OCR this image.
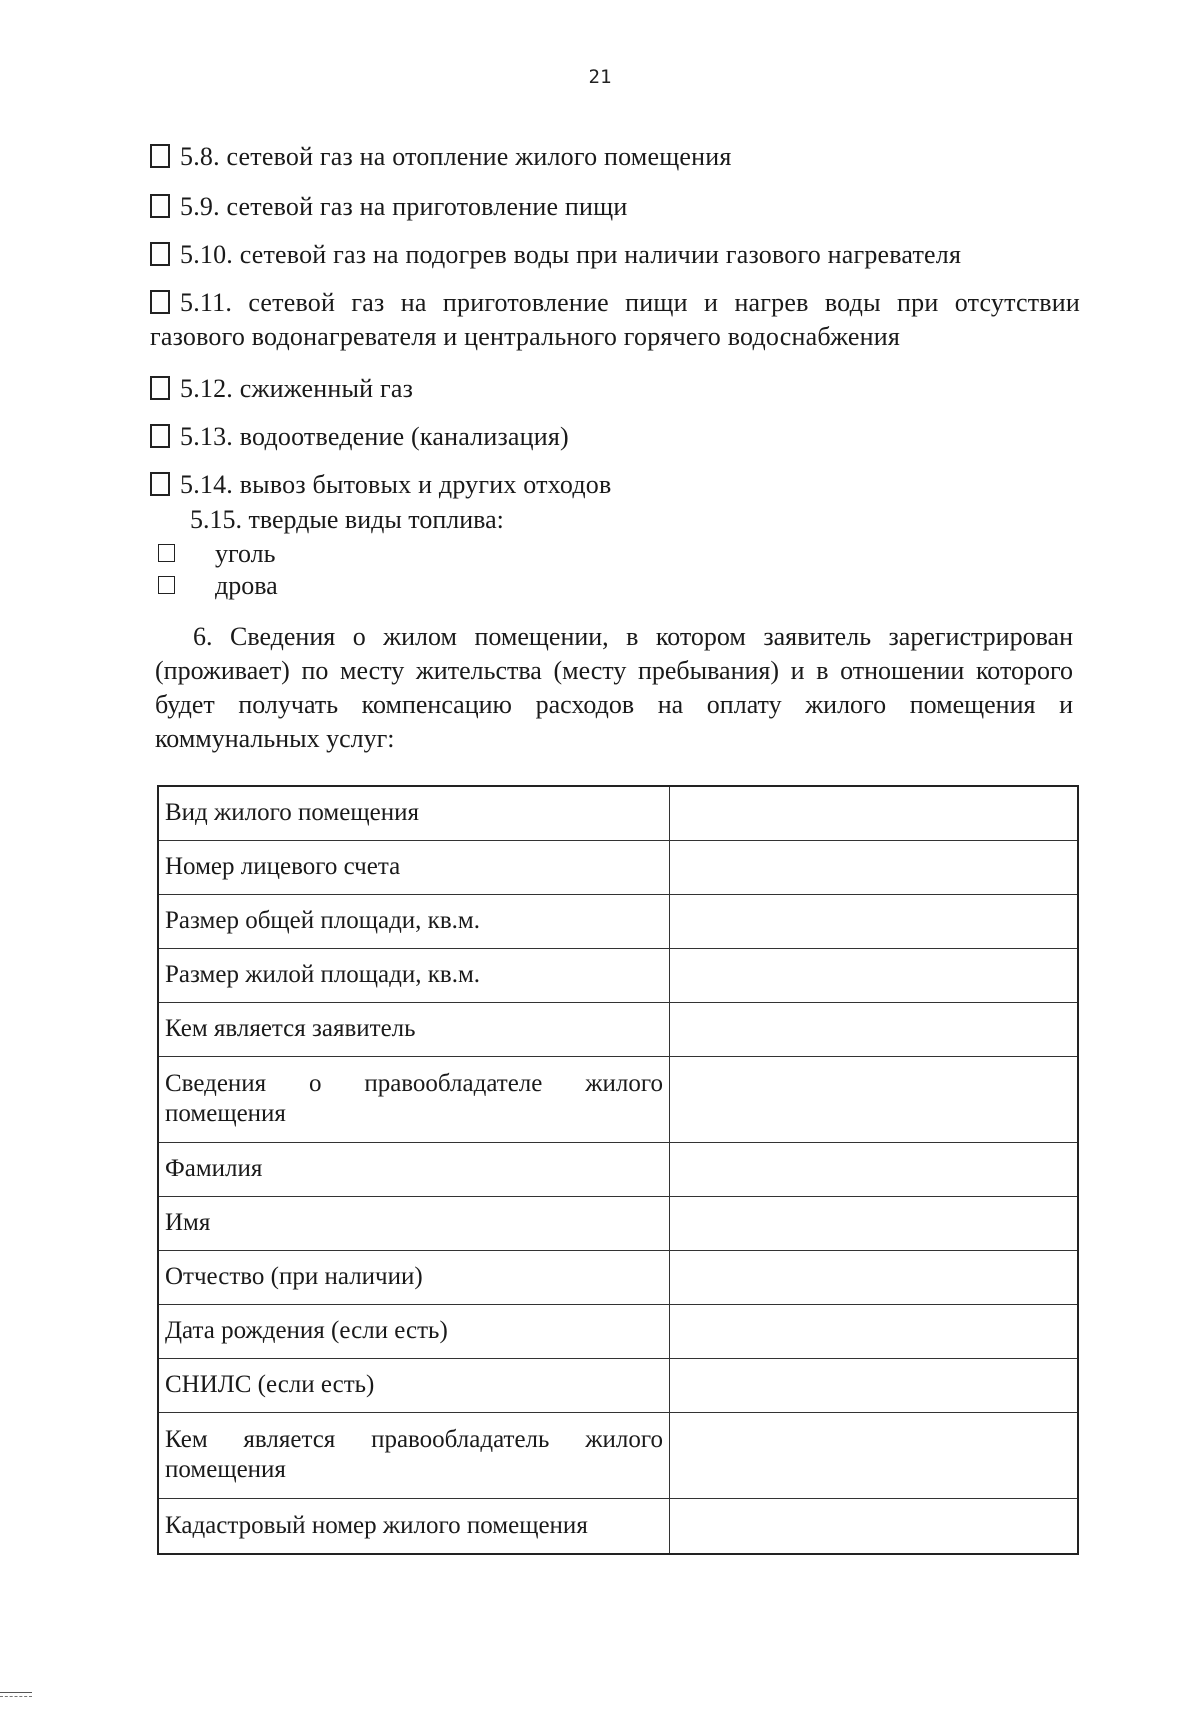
21
5.8. сетевой газ на отопление жилого помещения
5.9. сетевой газ на приготовление пищи
5.10. сетевой газ на подогрев воды при наличии газового нагревателя
5.11. сетевой газ на приготовление пищи и нагрев воды при отсутствии газового водонагревателя и центрального горячего водоснабжения
5.12. сжиженный газ
5.13. водоотведение (канализация)
5.14. вывоз бытовых и других отходов
5.15. твердые виды топлива:
уголь
дрова
6. Сведения о жилом помещении, в котором заявитель зарегистрирован (проживает) по месту жительства (месту пребывания) и в отношении которого будет получать компенсацию расходов на оплату жилого помещения и коммунальных услуг:
Вид жилого помещения	
Номер лицевого счета	
Размер общей площади, кв.м.	
Размер жилой площади, кв.м.	
Кем является заявитель	
Сведения о правообладателе жилого помещения	
Фамилия	
Имя	
Отчество (при наличии)	
Дата рождения (если есть)	
СНИЛС (если есть)	
Кем является правообладатель жилого помещения	
Кадастровый номер жилого помещения	
